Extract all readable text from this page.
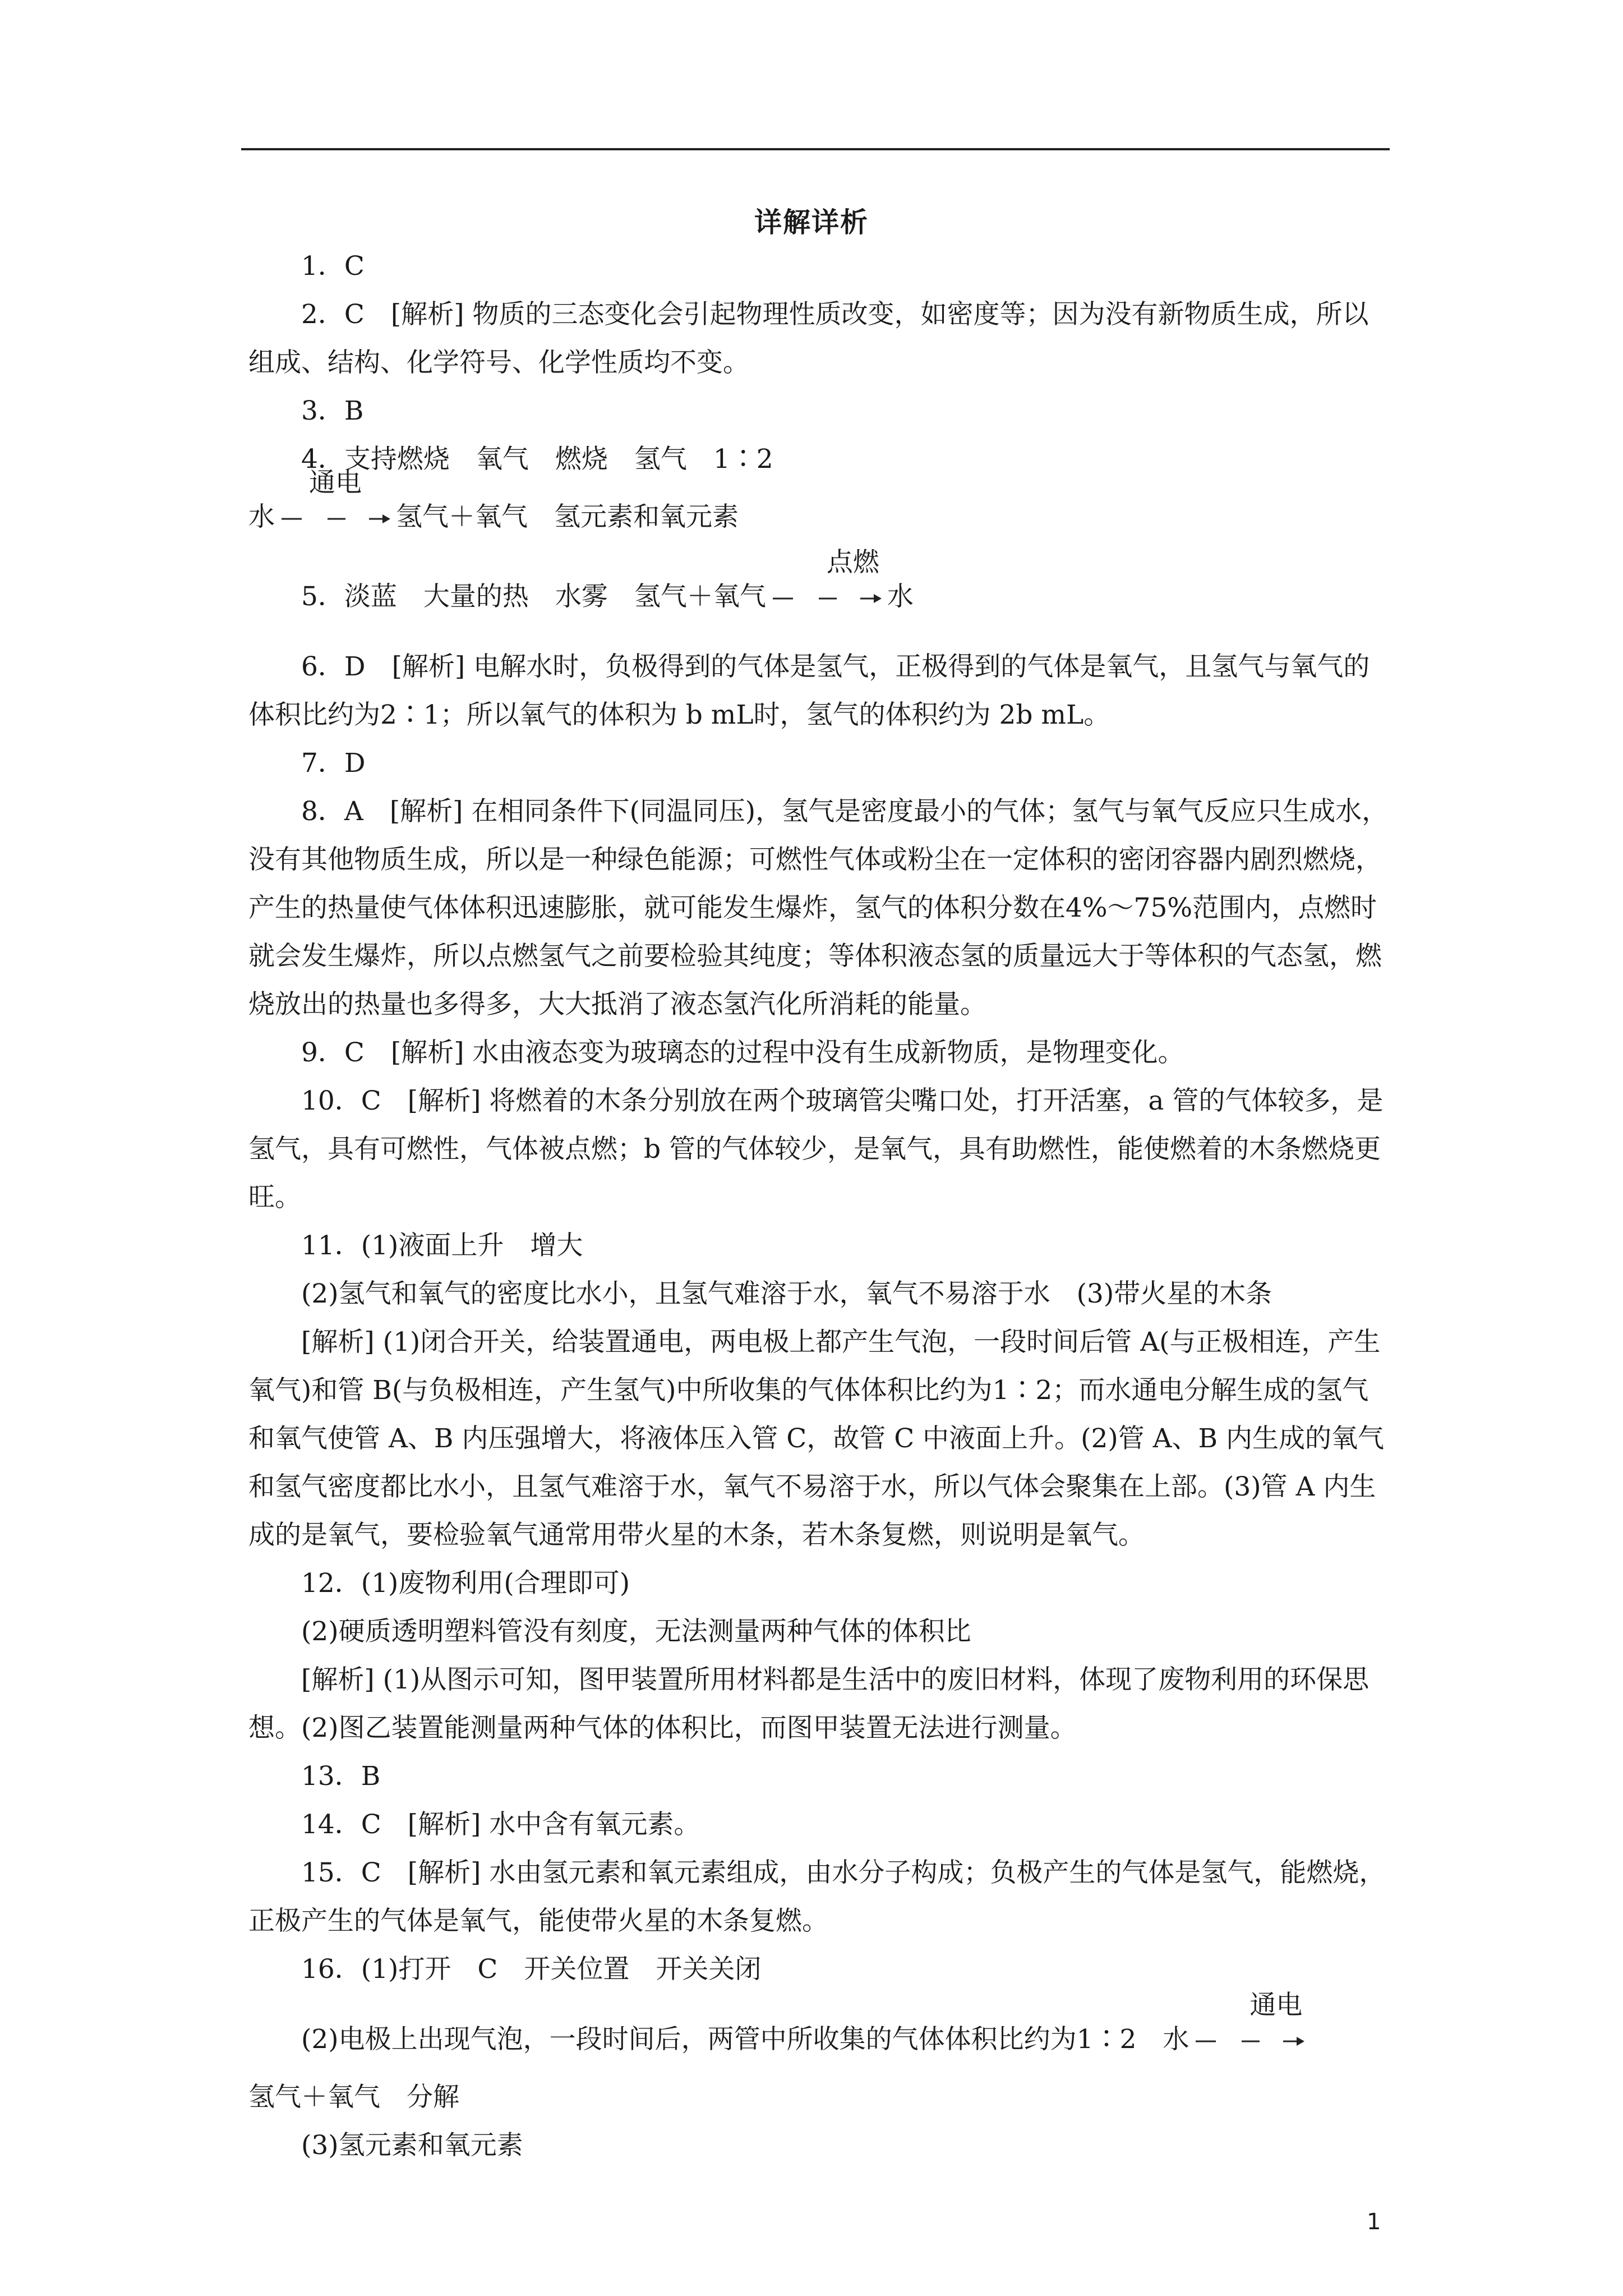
详解详析
1．C
2．C　[解析] 物质的三态变化会引起物理性质改变，如密度等；因为没有新物质生成，所以组成、结构、化学符号、化学性质均不变。
3．B
4．支持燃烧　氧气　燃烧　氢气　1∶2
水
通电
氢气＋氧气　氢元素和氧元素
5．淡蓝　大量的热　水雾　氢气＋氧气
点燃
水
6．D　[解析] 电解水时，负极得到的气体是氢气，正极得到的气体是氧气，且氢气与氧气的体积比约为2∶1；所以氧气的体积为 b mL时，氢气的体积约为 2b mL。
7．D
8．A　[解析] 在相同条件下(同温同压)，氢气是密度最小的气体；氢气与氧气反应只生成水，没有其他物质生成，所以是一种绿色能源；可燃性气体或粉尘在一定体积的密闭容器内剧烈燃烧，产生的热量使气体体积迅速膨胀，就可能发生爆炸，氢气的体积分数在4%～75%范围内，点燃时就会发生爆炸，所以点燃氢气之前要检验其纯度；等体积液态氢的质量远大于等体积的气态氢，燃烧放出的热量也多得多，大大抵消了液态氢汽化所消耗的能量。
9．C　[解析] 水由液态变为玻璃态的过程中没有生成新物质，是物理变化。
10．C　[解析] 将燃着的木条分别放在两个玻璃管尖嘴口处，打开活塞，a 管的气体较多，是氢气，具有可燃性，气体被点燃；b 管的气体较少，是氧气，具有助燃性，能使燃着的木条燃烧更旺。
11．(1)液面上升　增大
(2)氢气和氧气的密度比水小，且氢气难溶于水，氧气不易溶于水　(3)带火星的木条
[解析] (1)闭合开关，给装置通电，两电极上都产生气泡，一段时间后管 A(与正极相连，产生氧气)和管 B(与负极相连，产生氢气)中所收集的气体体积比约为1∶2；而水通电分解生成的氢气和氧气使管 A、B 内压强增大，将液体压入管 C，故管 C 中液面上升。(2)管 A、B 内生成的氧气和氢气密度都比水小，且氢气难溶于水，氧气不易溶于水，所以气体会聚集在上部。(3)管 A 内生成的是氧气，要检验氧气通常用带火星的木条，若木条复燃，则说明是氧气。
12．(1)废物利用(合理即可)
(2)硬质透明塑料管没有刻度，无法测量两种气体的体积比
[解析] (1)从图示可知，图甲装置所用材料都是生活中的废旧材料，体现了废物利用的环保思想。(2)图乙装置能测量两种气体的体积比，而图甲装置无法进行测量。
13．B
14．C　[解析] 水中含有氧元素。
15．C　[解析] 水由氢元素和氧元素组成，由水分子构成；负极产生的气体是氢气，能燃烧，正极产生的气体是氧气，能使带火星的木条复燃。
16．(1)打开　C　开关位置　开关关闭
(2)电极上出现气泡，一段时间后，两管中所收集的气体体积比约为1∶2　水
通电
氢气＋氧气　分解
(3)氢元素和氧元素
1
